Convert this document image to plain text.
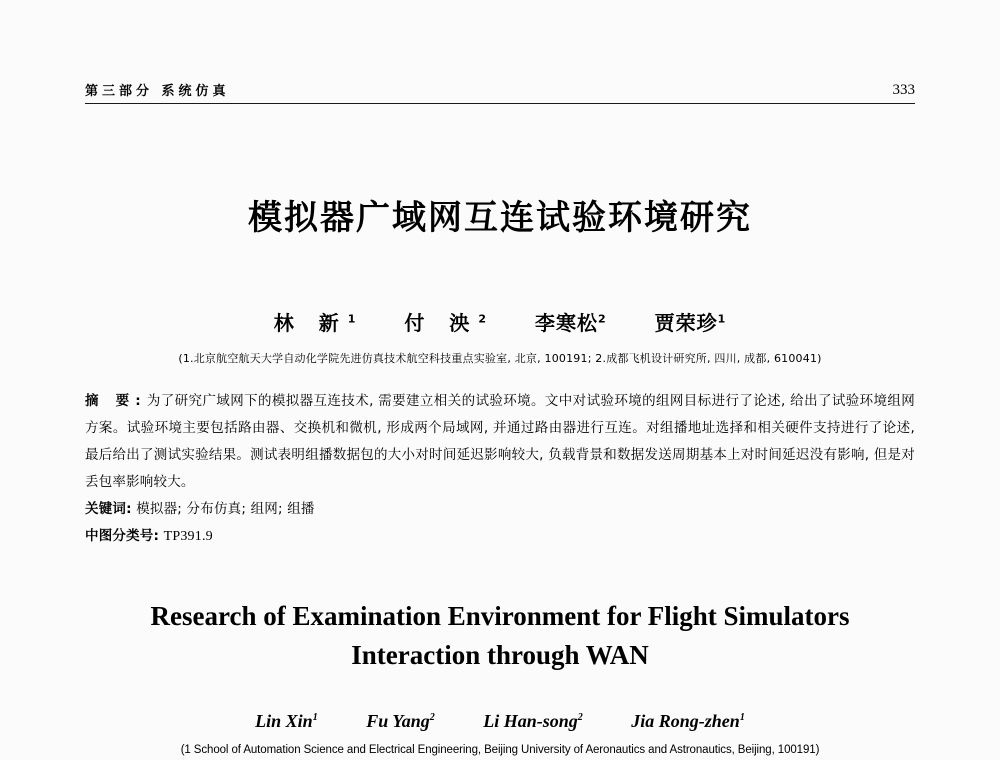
第三部分 系统仿真	333
模拟器广域网互连试验环境研究
林 新$^1$ 付 泱$^2$ 李寒松$^2$ 贾荣珍$^1$
(1.北京航空航天大学自动化学院先进仿真技术航空科技重点实验室, 北京, 100191; 2.成都飞机设计研究所, 四川, 成都, 610041)
摘 要:为了研究广域网下的模拟器互连技术, 需要建立相关的试验环境。文中对试验环境的组网目标进行了论述, 给出了试验环境组网方案。试验环境主要包括路由器、交换机和微机, 形成两个局域网, 并通过路由器进行互连。对组播地址选择和相关硬件支持进行了论述, 最后给出了测试实验结果。测试表明组播数据包的大小对时间延迟影响较大, 负载背景和数据发送周期基本上对时间延迟没有影响, 但是对丢包率影响较大。
关键词: 模拟器; 分布仿真; 组网; 组播
中图分类号: TP391.9
Research of Examination Environment for Flight Simulators
Interaction through WAN
Lin Xin$^1$	Fu Yang$^2$	Li Han-song$^2$	Jia Rong-zhen$^1$
(1 School of Automation Science and Electrical Engineering, Beijing University of Aeronautics and Astronautics, Beijing, 100191)
